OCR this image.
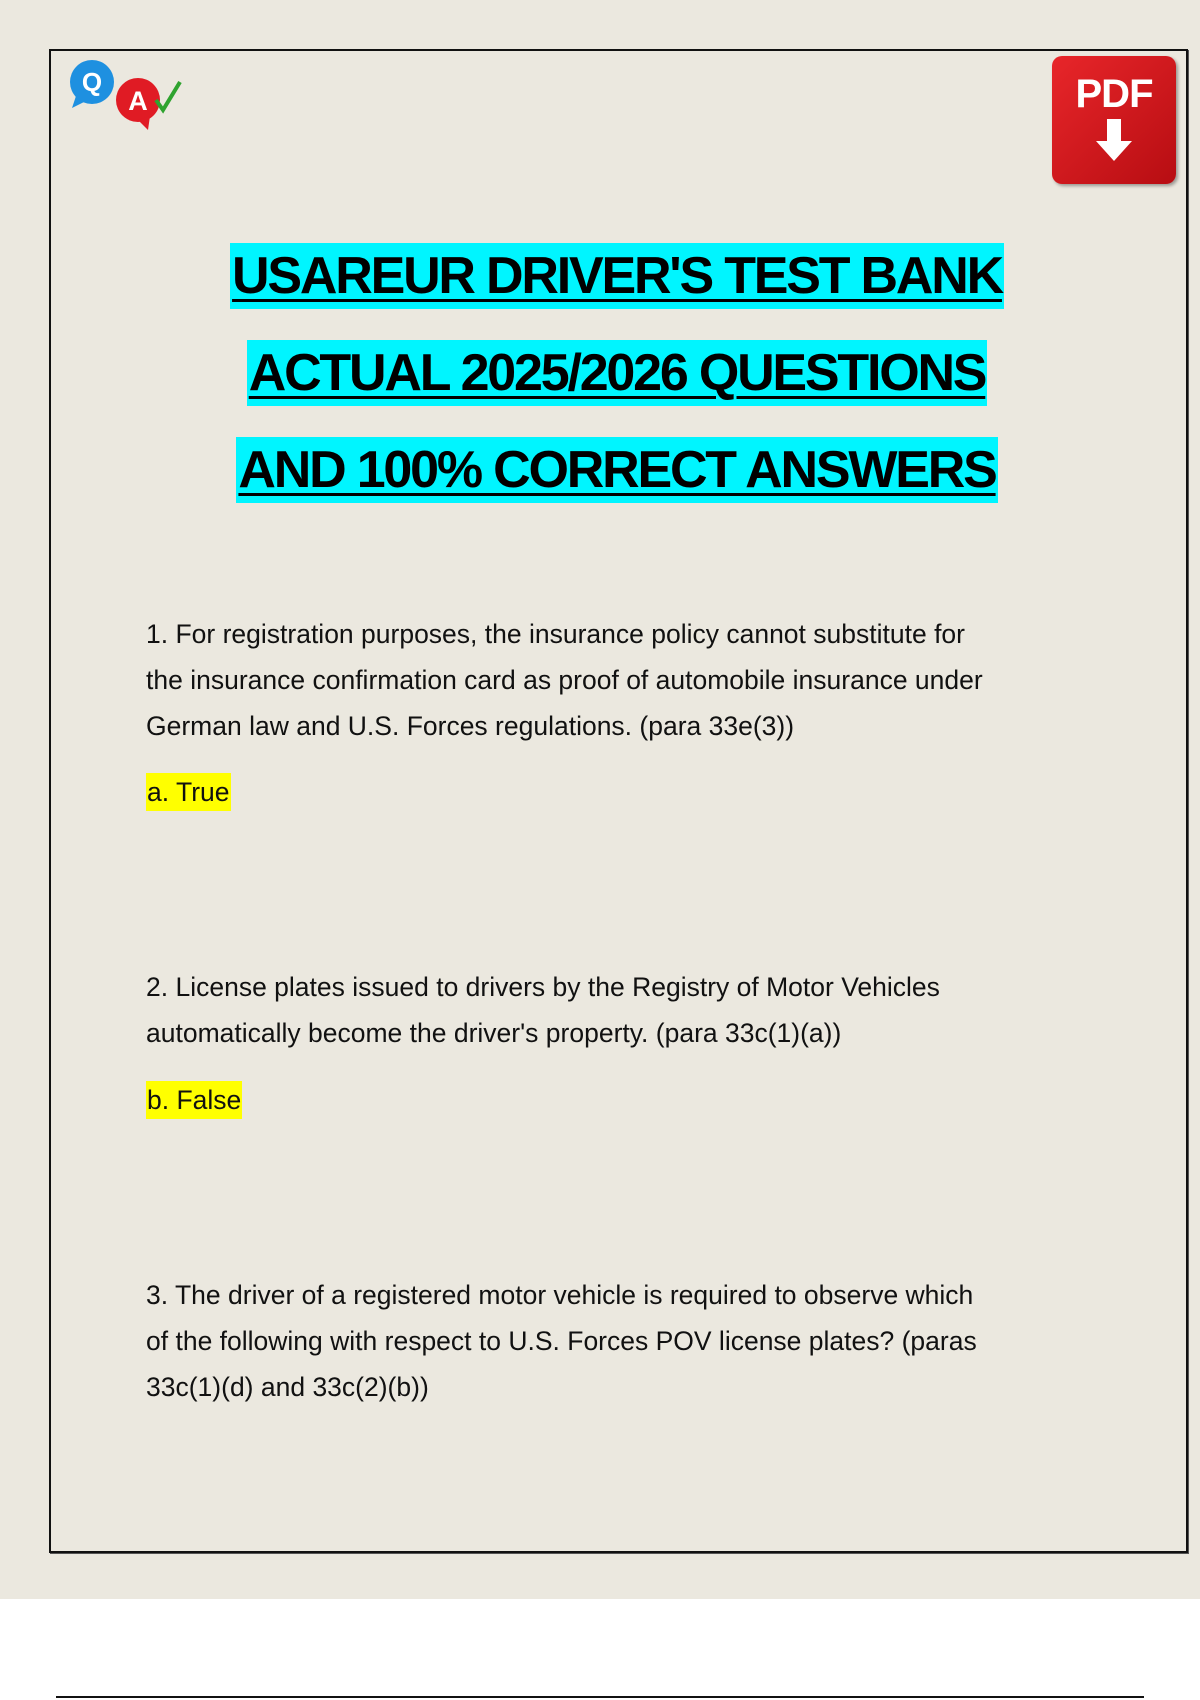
Q
A	PDF
USAREUR DRIVER'S TEST BANK
ACTUAL 2025/2026 QUESTIONS
AND 100% CORRECT ANSWERS
1. For registration purposes, the insurance policy cannot substitute for
the insurance confirmation card as proof of automobile insurance under
German law and U.S. Forces regulations. (para 33e(3))
a. True
2. License plates issued to drivers by the Registry of Motor Vehicles
automatically become the driver's property. (para 33c(1)(a))
b. False
3. The driver of a registered motor vehicle is required to observe which
of the following with respect to U.S. Forces POV license plates? (paras
33c(1)(d) and 33c(2)(b))
